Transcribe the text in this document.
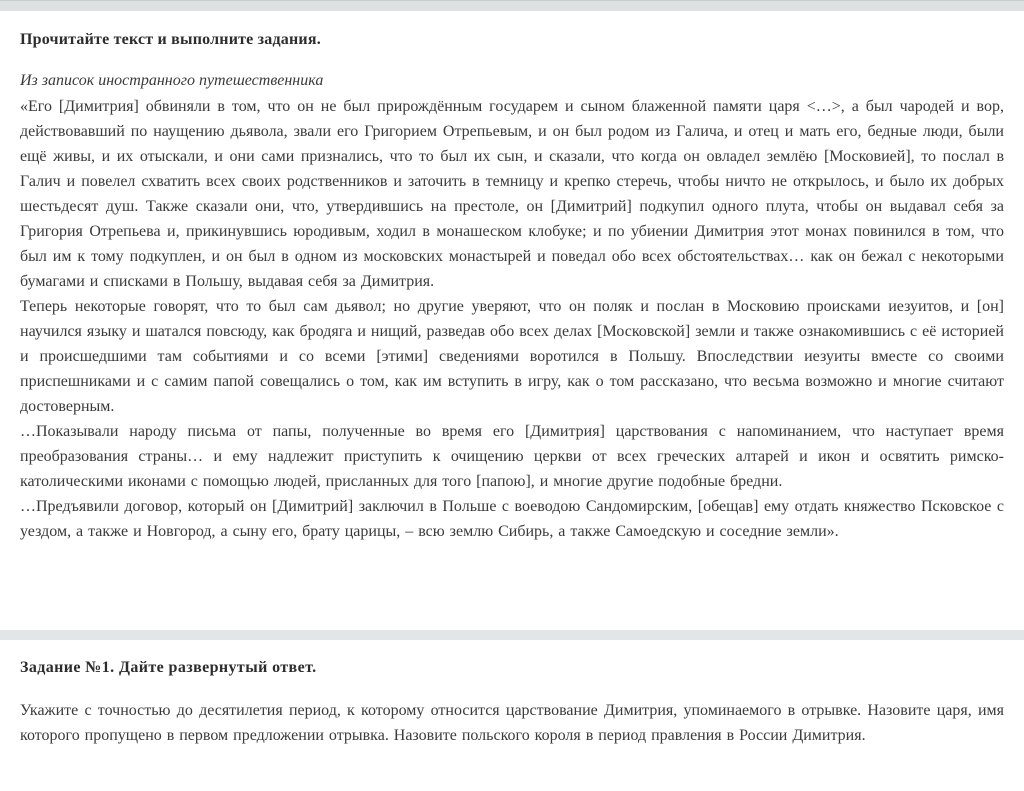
Прочитайте текст и выполните задания.

Из записок иностранного путешественника

«Его [Димитрия] обвиняли в том, что он не был прирождённым государем и сыном блаженной памяти царя <…>, а был чародей и вор, действовавший по наущению дьявола, звали его Григорием Отрепьевым, и он был родом из Галича, и отец и мать его, бедные люди, были ещё живы, и их отыскали, и они сами признались, что то был их сын, и сказали, что когда он овладел землёю [Московией], то послал в Галич и повелел схватить всех своих родственников и заточить в темницу и крепко стеречь, чтобы ничто не открылось, и было их добрых шестьдесят душ. Также сказали они, что, утвердившись на престоле, он [Димитрий] подкупил одного плута, чтобы он выдавал себя за Григория Отрепьева и, прикинувшись юродивым, ходил в монашеском клобуке; и по убиении Димитрия этот монах повинился в том, что был им к тому подкуплен, и он был в одном из московских монастырей и поведал обо всех обстоятельствах… как он бежал с некоторыми бумагами и списками в Польшу, выдавая себя за Димитрия.

Теперь некоторые говорят, что то был сам дьявол; но другие уверяют, что он поляк и послан в Московию происками иезуитов, и [он] научился языку и шатался повсюду, как бродяга и нищий, разведав обо всех делах [Московской] земли и также ознакомившись с её историей и происшедшими там событиями и со всеми [этими] сведениями воротился в Польшу. Впоследствии иезуиты вместе со своими приспешниками и с самим папой совещались о том, как им вступить в игру, как о том рассказано, что весьма возможно и многие считают достоверным.

…Показывали народу письма от папы, полученные во время его [Димитрия] царствования с напоминанием, что наступает время преобразования страны… и ему надлежит приступить к очищению церкви от всех греческих алтарей и икон и освятить римско-католическими иконами с помощью людей, присланных для того [папою], и многие другие подобные бредни.

…Предъявили договор, который он [Димитрий] заключил в Польше с воеводою Сандомирским, [обещав] ему отдать княжество Псковское с уездом, а также и Новгород, а сыну его, брату царицы, – всю землю Сибирь, а также Самоедскую и соседние земли».

Задание №1. Дайте развернутый ответ.

Укажите с точностью до десятилетия период, к которому относится царствование Димитрия, упоминаемого в отрывке. Назовите царя, имя которого пропущено в первом предложении отрывка. Назовите польского короля в период правления в России Димитрия.
